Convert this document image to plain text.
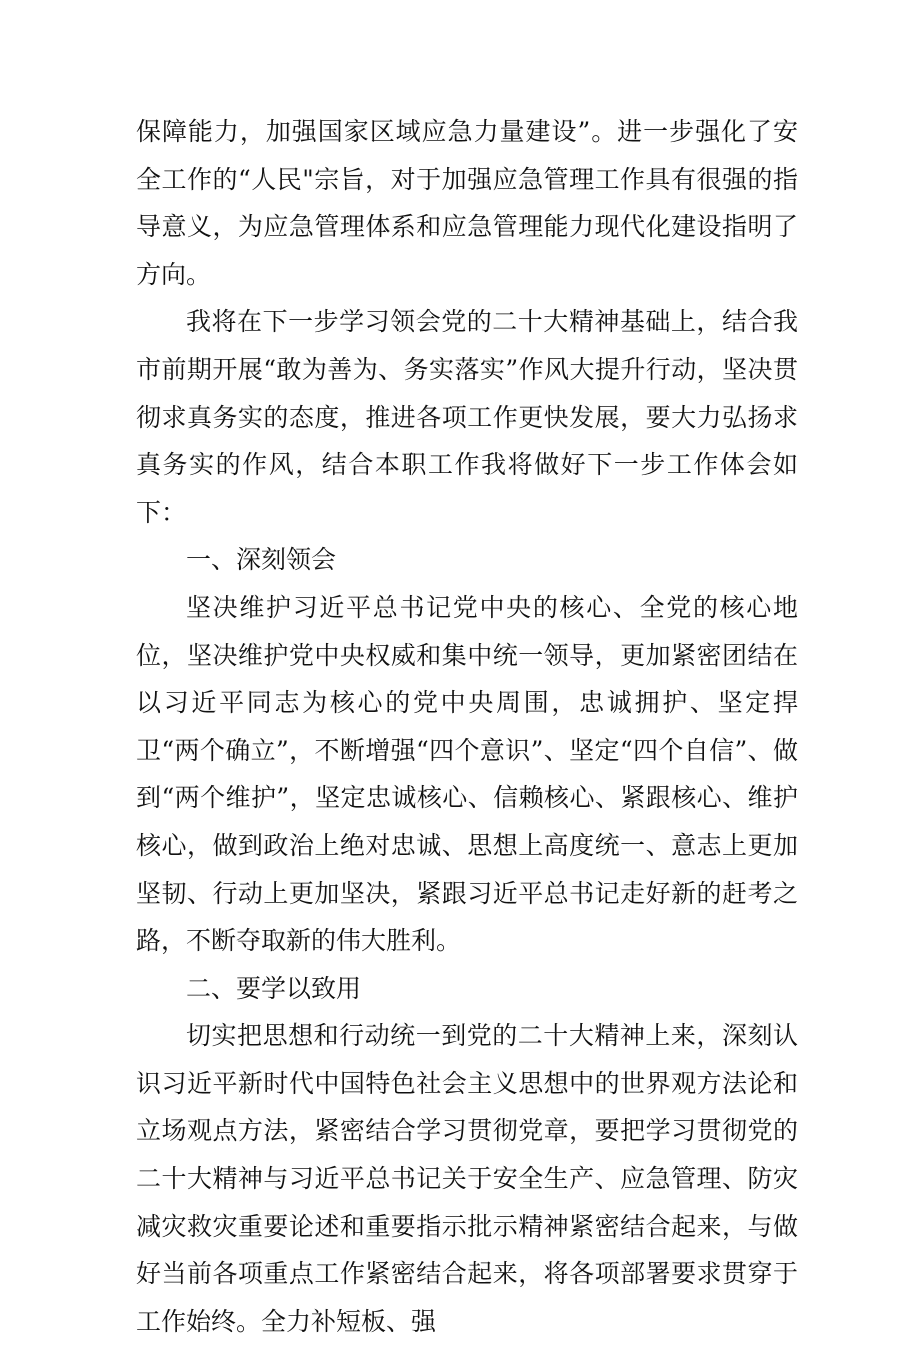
保障能力，加强国家区域应急力量建设”。进一步强化了安全工作的“人民"宗旨，对于加强应急管理工作具有很强的指导意义，为应急管理体系和应急管理能力现代化建设指明了方向。

我将在下一步学习领会党的二十大精神基础上，结合我市前期开展“敢为善为、务实落实”作风大提升行动，坚决贯彻求真务实的态度，推进各项工作更快发展，要大力弘扬求真务实的作风，结合本职工作我将做好下一步工作体会如下：

一、深刻领会

坚决维护习近平总书记党中央的核心、全党的核心地位，坚决维护党中央权威和集中统一领导，更加紧密团结在以习近平同志为核心的党中央周围，忠诚拥护、坚定捍卫“两个确立”，不断增强“四个意识”、坚定“四个自信”、做到“两个维护”，坚定忠诚核心、信赖核心、紧跟核心、维护核心，做到政治上绝对忠诚、思想上高度统一、意志上更加坚韧、行动上更加坚决，紧跟习近平总书记走好新的赶考之路，不断夺取新的伟大胜利。

二、要学以致用

切实把思想和行动统一到党的二十大精神上来，深刻认识习近平新时代中国特色社会主义思想中的世界观方法论和立场观点方法，紧密结合学习贯彻党章，要把学习贯彻党的二十大精神与习近平总书记关于安全生产、应急管理、防灾减灾救灾重要论述和重要指示批示精神紧密结合起来，与做好当前各项重点工作紧密结合起来，将各项部署要求贯穿于工作始终。全力补短板、强
